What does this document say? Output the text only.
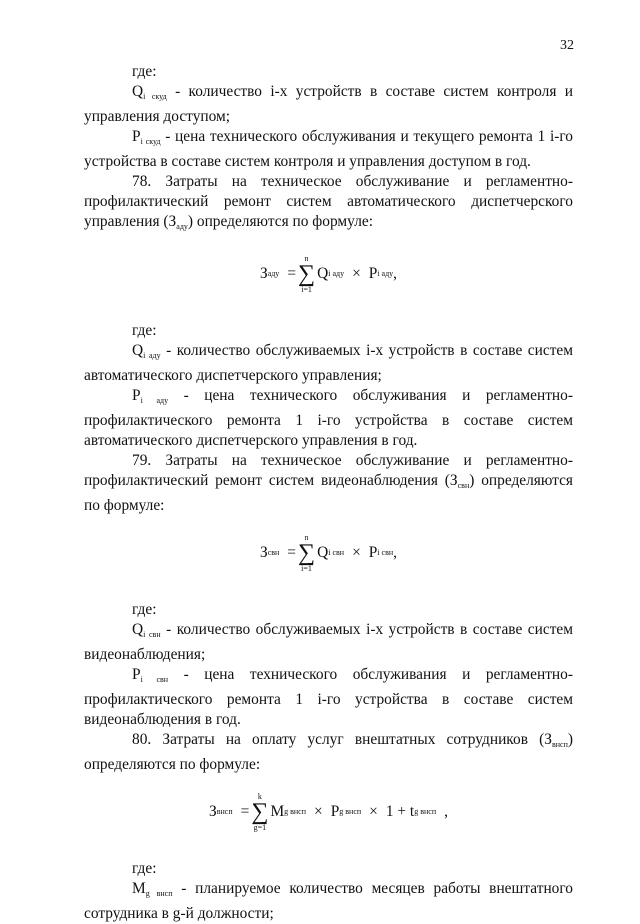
32

где:

$Q_{i скуд}$ - количество i-х устройств в составе систем контроля и управления доступом;

$P_{i скуд}$ - цена технического обслуживания и текущего ремонта 1 i-го устройства в составе систем контроля и управления доступом в год.

78. Затраты на техническое обслуживание и регламентно-профилактический ремонт систем автоматического диспетчерского управления $(З_{аду})$ определяются по формуле:

З аду =
n
∑
i=1
Q i аду × P i аду ,

где:

$Q_{i аду}$ - количество обслуживаемых i-х устройств в составе систем автоматического диспетчерского управления;

$P_{i аду}$ - цена технического обслуживания и регламентно-профилактического ремонта 1 i-го устройства в составе систем автоматического диспетчерского управления в год.

79. Затраты на техническое обслуживание и регламентно-профилактический ремонт систем видеонаблюдения $(З_{свн})$ определяются по формуле:

З свн =
n
∑
i=1
Q i свн × P i свн ,

где:

$Q_{i свн}$ - количество обслуживаемых i-х устройств в составе систем видеонаблюдения;

$P_{i свн}$ - цена технического обслуживания и регламентно-профилактического ремонта 1 i-го устройства в составе систем видеонаблюдения в год.

80. Затраты на оплату услуг внештатных сотрудников $(З_{внсп})$ определяются по формуле:

З внсп =
k
∑
g=1
M g внсп × P g внсп × 1 + t g внсп ,

где:

$M_{g внсп}$ - планируемое количество месяцев работы внештатного сотрудника в g-й должности;
